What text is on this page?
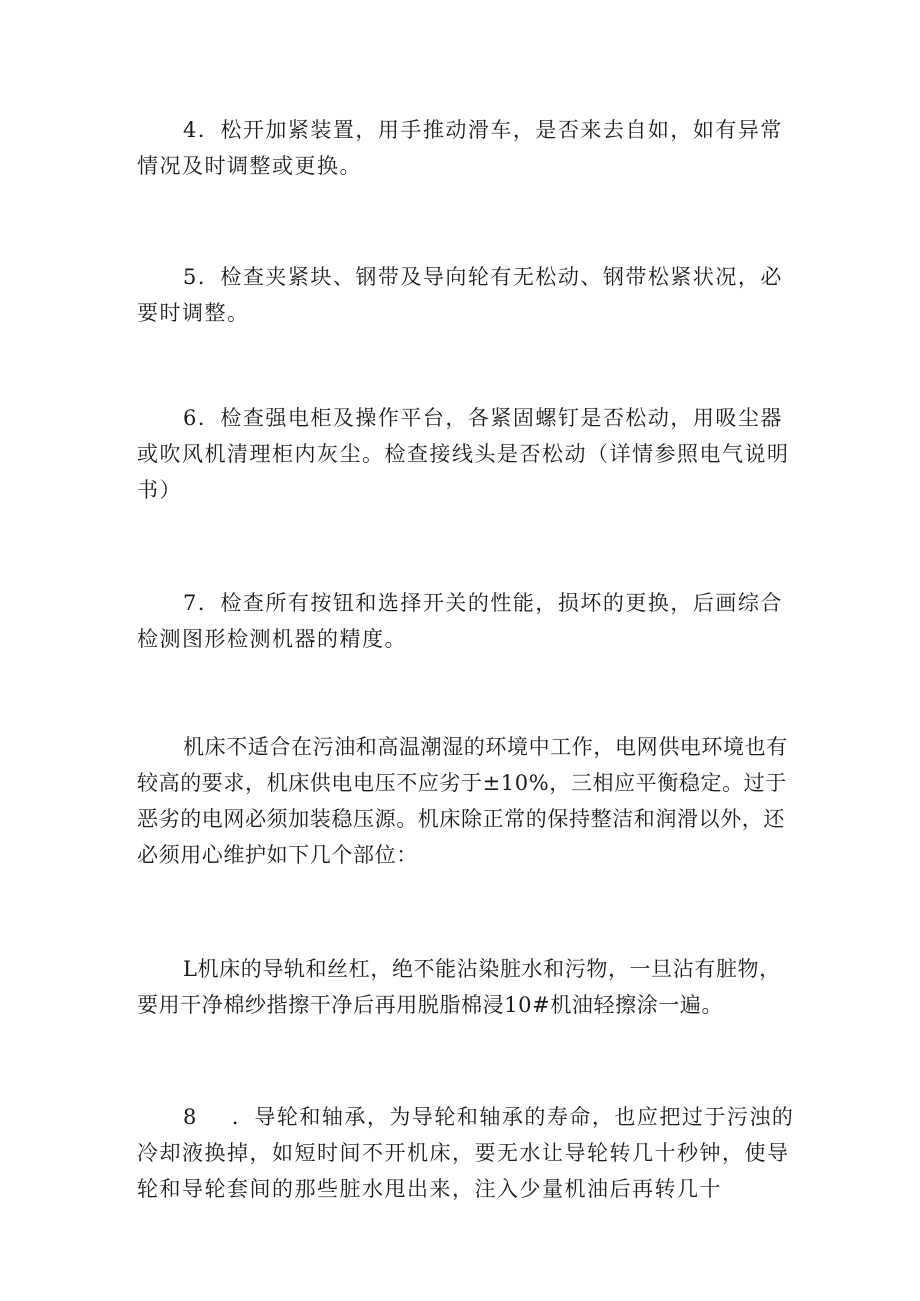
4．松开加紧装置，用手推动滑车，是否来去自如，如有异常情况及时调整或更换。

5．检查夹紧块、钢带及导向轮有无松动、钢带松紧状况，必要时调整。

6．检查强电柜及操作平台，各紧固螺钉是否松动，用吸尘器或吹风机清理柜内灰尘。检查接线头是否松动（详情参照电气说明书）

7．检查所有按钮和选择开关的性能，损坏的更换，后画综合检测图形检测机器的精度。

机床不适合在污油和高温潮湿的环境中工作，电网供电环境也有较高的要求，机床供电电压不应劣于±10%，三相应平衡稳定。过于恶劣的电网必须加装稳压源。机床除正常的保持整洁和润滑以外，还必须用心维护如下几个部位：

L机床的导轨和丝杠，绝不能沾染脏水和污物，一旦沾有脏物，要用干净棉纱揩擦干净后再用脱脂棉浸10#机油轻擦涂一遍。

8 ．导轮和轴承，为导轮和轴承的寿命，也应把过于污浊的冷却液换掉，如短时间不开机床，要无水让导轮转几十秒钟，使导轮和导轮套间的那些脏水甩出来，注入少量机油后再转几十
